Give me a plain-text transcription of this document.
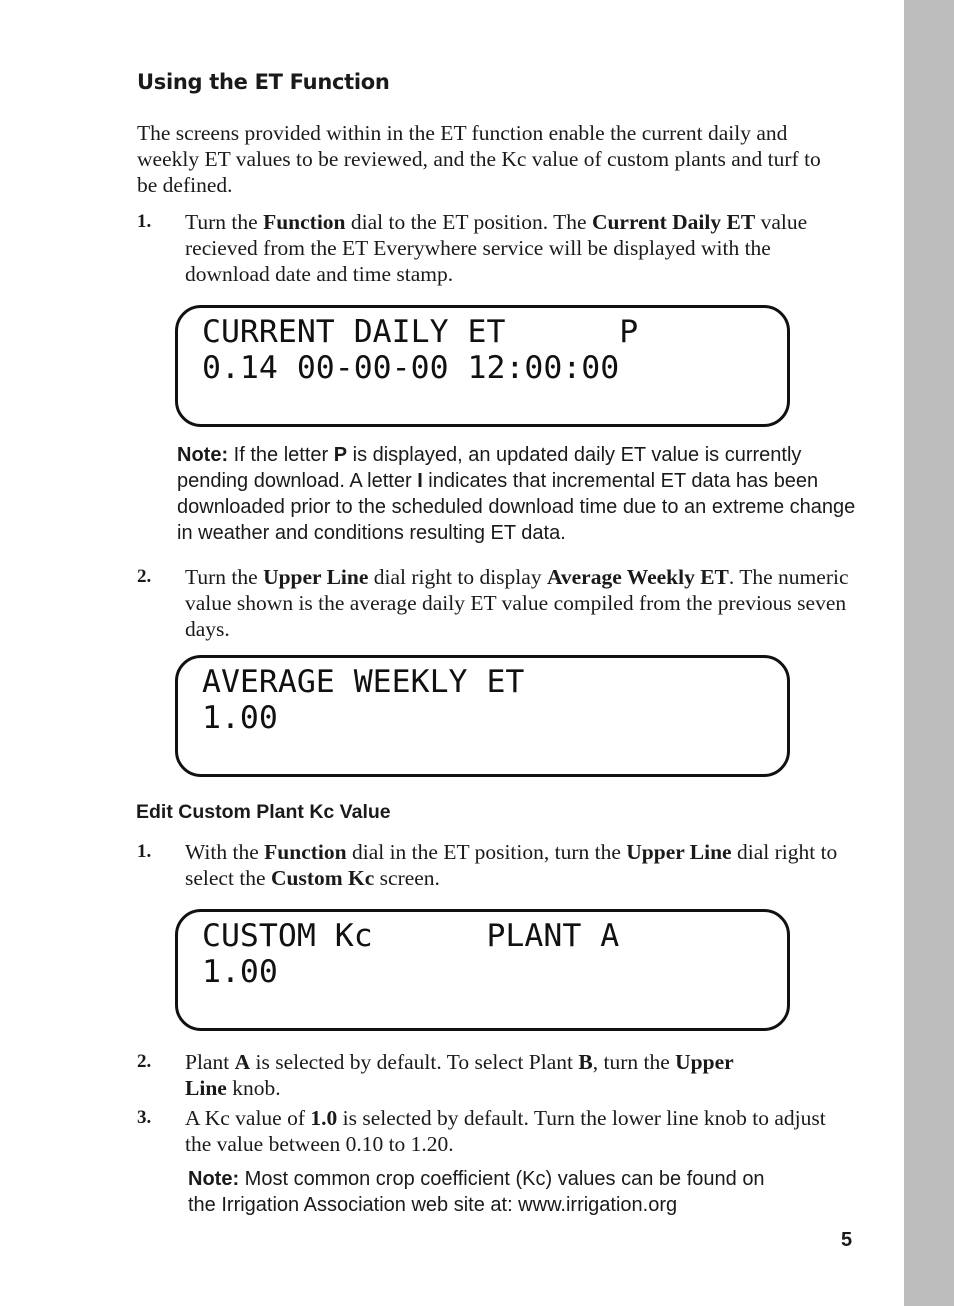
Using the ET Function

The screens provided within in the ET function enable the current daily and weekly ET values to be reviewed, and the Kc value of custom plants and turf to be defined.

1. Turn the Function dial to the ET position. The Current Daily ET value recieved from the ET Everywhere service will be displayed with the download date and time stamp.

CURRENT DAILY ET      P

0.14 00-00-00 12:00:00

Note: If the letter P is displayed, an updated daily ET value is currently pending download. A letter I indicates that incremental ET data has been downloaded prior to the scheduled download time due to an extreme change in weather and conditions resulting ET data.

2. Turn the Upper Line dial right to display Average Weekly ET. The numeric value shown is the average daily ET value compiled from the previous seven days.

AVERAGE WEEKLY ET

1.00

Edit Custom Plant Kc Value

1. With the Function dial in the ET position, turn the Upper Line dial right to select the Custom Kc screen.

CUSTOM Kc      PLANT A

1.00

2. Plant A is selected by default. To select Plant B, turn the Upper Line knob.

3. A Kc value of 1.0 is selected by default. Turn the lower line knob to adjust the value between 0.10 to 1.20.

Note: Most common crop coefficient (Kc) values can be found on
the Irrigation Association web site at: www.irrigation.org

5
